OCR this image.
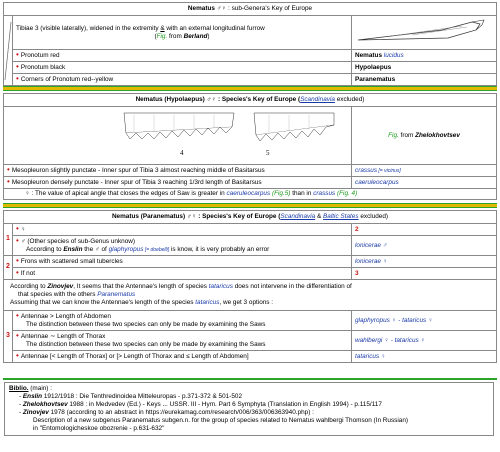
Nematus ♂♀ : sub-Genera's Key of Europe		

Tibiae 3 (visible laterally), widened in the extremity & with an external longitudinal furrow
(Fig. from Berland)

	• Pronotum red	Nematus lucidus
	• Pronotum black	Hypolaepus
	• Corners of Pronotum red--yellow	Paranematus
Nematus (Hypolaepus) ♂♀ : Species's Key of Europe (Scandinavia excluded)	

4 5	Fig. from Zhelokhovtsev
• Mesopleuron slightly punctate - Inner spur of Tibia 3 almost reaching middle of Basitarsus	crassus [= vicinus]
• Mesopleuron densely punctate - Inner spur of Tibia 3 reaching 1/3rd length of Basitarsus	caeruleocarpus
♀ : The value of apical angle that closes the edges of Saw is greater in caeruleocarpus (Fig.5) than in crassus (Fig. 4)	
Nematus (Paranematus) ♂♀ : Species's Key of Europe (Scandinavia & Baltic States excluded)		
1	• ♀	2

	• ♂ (Other species of sub-Genus unknow)
According to Enslin the ♂ of glaphyropus [= doebelli] is know, it is very probably an error	lonicerae ♂
2	• Frons with scattered small tubercles	lonicerae ♀
	• If not	3

According to Zinovjev, It seems that the Antennae's length of species tataricus does not intervene in the differentiation of
that species with the others Paranematus
Assuming that we can know the Antennae's length of the species tataricus, we get 3 options :		

3	• Antennae > Length of Abdomen
The distinction between these two species can only be made by examining the Saws	glaphyropus ♀ - tataricus ♀

	• Antennae ∼ Length of Thorax
The distinction between these two species can only be made by examining the Saws	wahlbergi ♀ - tataricus ♀
	• Antennae [< Length of Thorax] or [> Length of Thorax and ≤ Length of Abdomen]	tataricus ♀
Biblio. (main) :
- Enslin 1912/1918 : Die Tenthredinoidea Mitteleuropas - p.371-372 & 501-502
- Zhelokhovtsev 1988 : in Medvedev (Ed.) - Keys ... USSR. III - Hym. Part 6 Symphyta (Translation in English 1994) - p.115/117
- Zinovjev 1978 (according to an abstract in https://eurekamag.com/research/006/363/006363940.php) :
Description of a new subgenus Paranematus subgen.n. for the group of species related to Nematus wahlbergi Thomson (In Russian)
in "Entomologicheskoe obozrenie - p.631-632"
